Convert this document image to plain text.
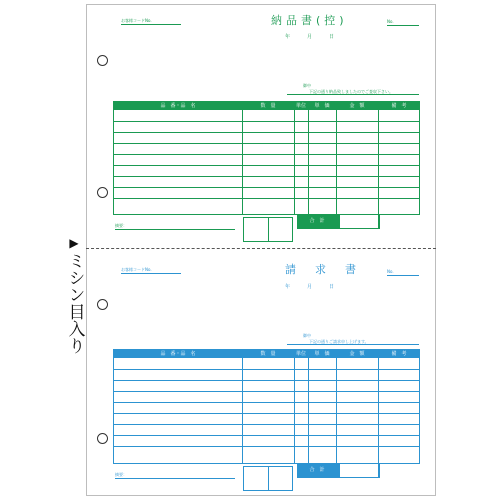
▶
ミシン目入り
お客様コードNo.	納品書(控)	No.
年　月　日
御中
下記の通り納品致しましたのでご査収下さい。
品　番・品　名	数　量	単位	単　価	金　額	備　考
合　計
摘要：
お客様コードNo.	請　求　書	No.
年　月　日
御中
下記の通りご請求申し上げます。
品　番・品　名	数　量	単位	単　価	金　額	備　考
合　計
摘要：
